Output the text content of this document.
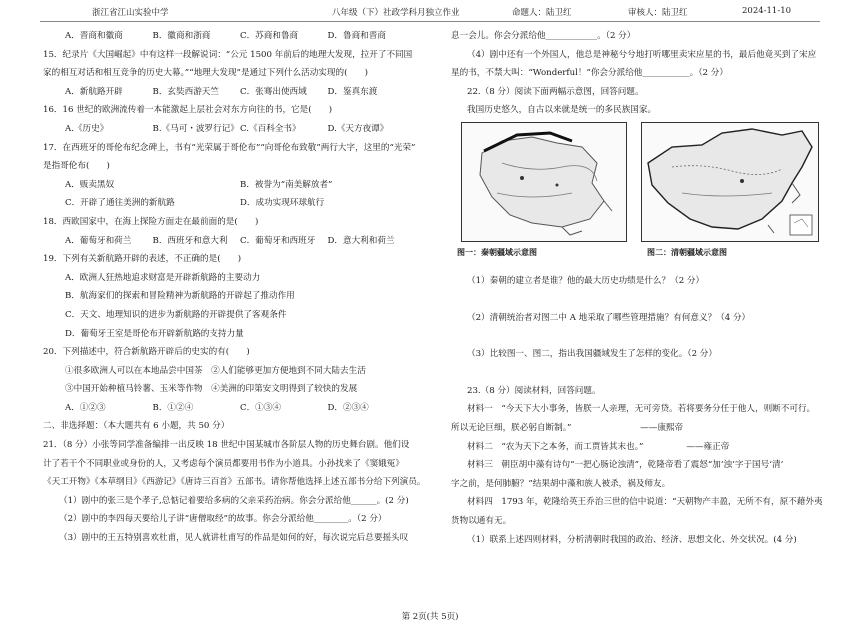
浙江省江山实验中学	八年级（下）社政学科月独立作业	命题人：陆卫红	审核人：陆卫红	2024-11-10
A．晋商和徽商	B．徽商和浙商	C．苏商和鲁商	D．鲁商和晋商
15．纪录片《大国崛起》中有这样一段解说词：“公元 1500 年前后的地理大发现，拉开了不同国
家的相互对话和相互竞争的历史大幕。”“地理大发现”是通过下列什么活动实现的(　　)
A．新航路开辟	B．玄奘西游天竺	C．张骞出使西域	D．鉴真东渡
16．16 世纪的欧洲流传着一本能激起上层社会对东方向往的书，它是(　　)
A.《历史》	B.《马可・波罗行记》 C.《百科全书》	D.《天方夜谭》
17．在西班牙的哥伦布纪念碑上，书有“光荣属于哥伦布”“向哥伦布致敬”两行大字，这里的“光荣”
是指哥伦布(　　)
A．贩卖黑奴	B．被誉为“南美解放者”
C．开辟了通往美洲的新航路	D．成功实现环球航行
18．西欧国家中，在海上探险方面走在最前面的是(　　)
A．葡萄牙和荷兰	B．西班牙和意大利	C．葡萄牙和西班牙	D．意大利和荷兰
19．下列有关新航路开辟的表述，不正确的是(　　)
A．欧洲人狂热地追求财富是开辟新航路的主要动力
B．航海家们的探索和冒险精神为新航路的开辟起了推动作用
C．天文、地理知识的进步为新航路的开辟提供了客观条件
D．葡萄牙王室是哥伦布开辟新航路的支持力量
20．下列描述中，符合新航路开辟后的史实的有(　　)
①很多欧洲人可以在本地品尝中国茶　②人们能够更加方便地到不同大陆去生活
③中国开始种植马铃薯、玉米等作物　④美洲的印第安文明得到了较快的发展
A．①②③	B．①②④	C．①③④	D．②③④
二、非选择题：（本大题共有 6 小题，共 50 分）
21．（8 分）小张等同学准备编排一出反映 18 世纪中国某城市各阶层人物的历史舞台剧。他们设
计了若干个不同职业或身份的人，又考虑每个演员都要用书作为小道具。小孙找来了《窦娥冤》
《天工开物》《本草纲目》《西游记》《唐诗三百首》五部书。请你帮他选择上述五部书分给下列演员。
（1）剧中的张三是个孝子,总惦记着要给多病的父亲采药治病。你会分派给他______。(2 分)
（2）剧中的李四每天要给儿子讲“唐僧取经”的故事。你会分派给他________。（2 分）
（3）剧中的王五特别喜欢杜甫，见人就讲杜甫写的作品是如何的好，每次说完后总要摇头叹
息一会儿。你会分派给他____________。（2 分）
（4）剧中还有一个外国人，他总是神秘兮兮地打听哪里卖宋应星的书，最后他竟买到了宋应
星的书，不禁大叫：“Wonderful！”你会分派给他___________。（2 分）
22.（8 分）阅读下面两幅示意图，回答问题。
我国历史悠久，自古以来就是统一的多民族国家。
图一：秦朝疆域示意图	图二：清朝疆域示意图
（1）秦朝的建立者是谁？他的最大历史功绩是什么？（2 分）
（2）清朝统治者对图二中 A 地采取了哪些管理措施？有何意义？（4 分）
（3）比较图一、图二，指出我国疆域发生了怎样的变化。（2 分）
23.（8 分）阅读材料，回答问题。
材料一　“今天下大小事务，皆朕一人亲理，无可旁贷。若将要务分任于他人，则断不可行。
所以无论巨细，朕必躬自断制。”　　　　　　　　——康熙帝
材料二　“农为天下之本务，而工贾皆其末也。”　　　　　——雍正帝
材料三　朝臣胡中藻有诗句“一把心肠论浊清”，乾隆帝看了震怒“加‘浊’字于国号‘清’
字之前，是何肺腑？”结果胡中藻和族人被杀，祸及师友。
材料四　1793 年，乾隆给英王乔治三世的信中说道：“天朝物产丰盈，无所不有，原不藉外夷
货物以通有无。
（1）联系上述四则材料，分析清朝时我国的政治、经济、思想文化、外交状况。(4 分)
第 2页(共 5页)
